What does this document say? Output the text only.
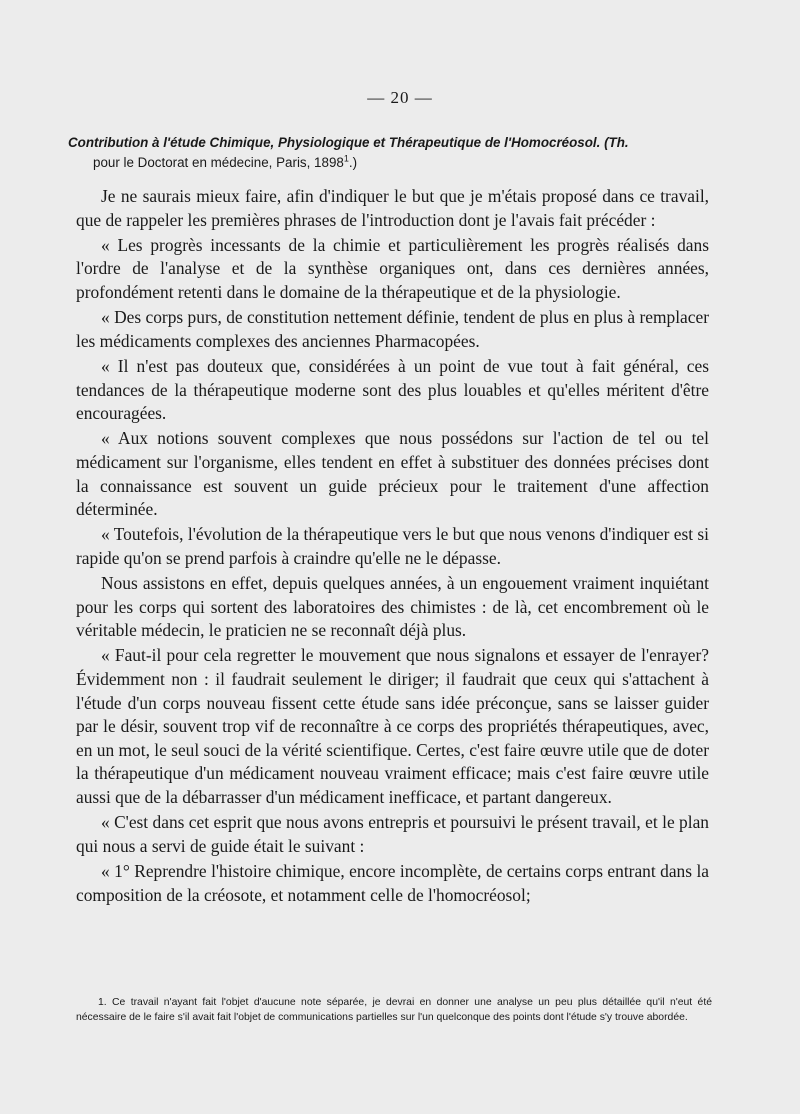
— 20 —
Contribution à l'étude Chimique, Physiologique et Thérapeutique de l'Homocréosol. (Th.
pour le Doctorat en médecine, Paris, 1898$^1$.)

Je ne saurais mieux faire, afin d'indiquer le but que je m'étais proposé dans ce travail, que de rappeler les premières phrases de l'introduction dont je l'avais fait précéder :

« Les progrès incessants de la chimie et particulièrement les progrès réalisés dans l'ordre de l'analyse et de la synthèse organiques ont, dans ces dernières années, profondément retenti dans le domaine de la thérapeutique et de la physiologie.

« Des corps purs, de constitution nettement définie, tendent de plus en plus à remplacer les médicaments complexes des anciennes Pharmacopées.

« Il n'est pas douteux que, considérées à un point de vue tout à fait général, ces tendances de la thérapeutique moderne sont des plus louables et qu'elles méritent d'être encouragées.

« Aux notions souvent complexes que nous possédons sur l'action de tel ou tel médicament sur l'organisme, elles tendent en effet à substituer des données précises dont la connaissance est souvent un guide précieux pour le traitement d'une affection déterminée.

« Toutefois, l'évolution de la thérapeutique vers le but que nous venons d'indiquer est si rapide qu'on se prend parfois à craindre qu'elle ne le dépasse.

Nous assistons en effet, depuis quelques années, à un engouement vraiment inquiétant pour les corps qui sortent des laboratoires des chimistes : de là, cet encombrement où le véritable médecin, le praticien ne se reconnaît déjà plus.

« Faut-il pour cela regretter le mouvement que nous signalons et essayer de l'enrayer? Évidemment non : il faudrait seulement le diriger; il faudrait que ceux qui s'attachent à l'étude d'un corps nouveau fissent cette étude sans idée préconçue, sans se laisser guider par le désir, souvent trop vif de reconnaître à ce corps des propriétés thérapeutiques, avec, en un mot, le seul souci de la vérité scientifique. Certes, c'est faire œuvre utile que de doter la thérapeutique d'un médicament nouveau vraiment efficace; mais c'est faire œuvre utile aussi que de la débarrasser d'un médicament inefficace, et partant dangereux.

« C'est dans cet esprit que nous avons entrepris et poursuivi le présent travail, et le plan qui nous a servi de guide était le suivant :

« 1° Reprendre l'histoire chimique, encore incomplète, de certains corps entrant dans la composition de la créosote, et notamment celle de l'homocréosol;

1. Ce travail n'ayant fait l'objet d'aucune note séparée, je devrai en donner une analyse un peu plus détaillée qu'il n'eut été nécessaire de le faire s'il avait fait l'objet de communications partielles sur l'un quelconque des points dont l'étude s'y trouve abordée.
